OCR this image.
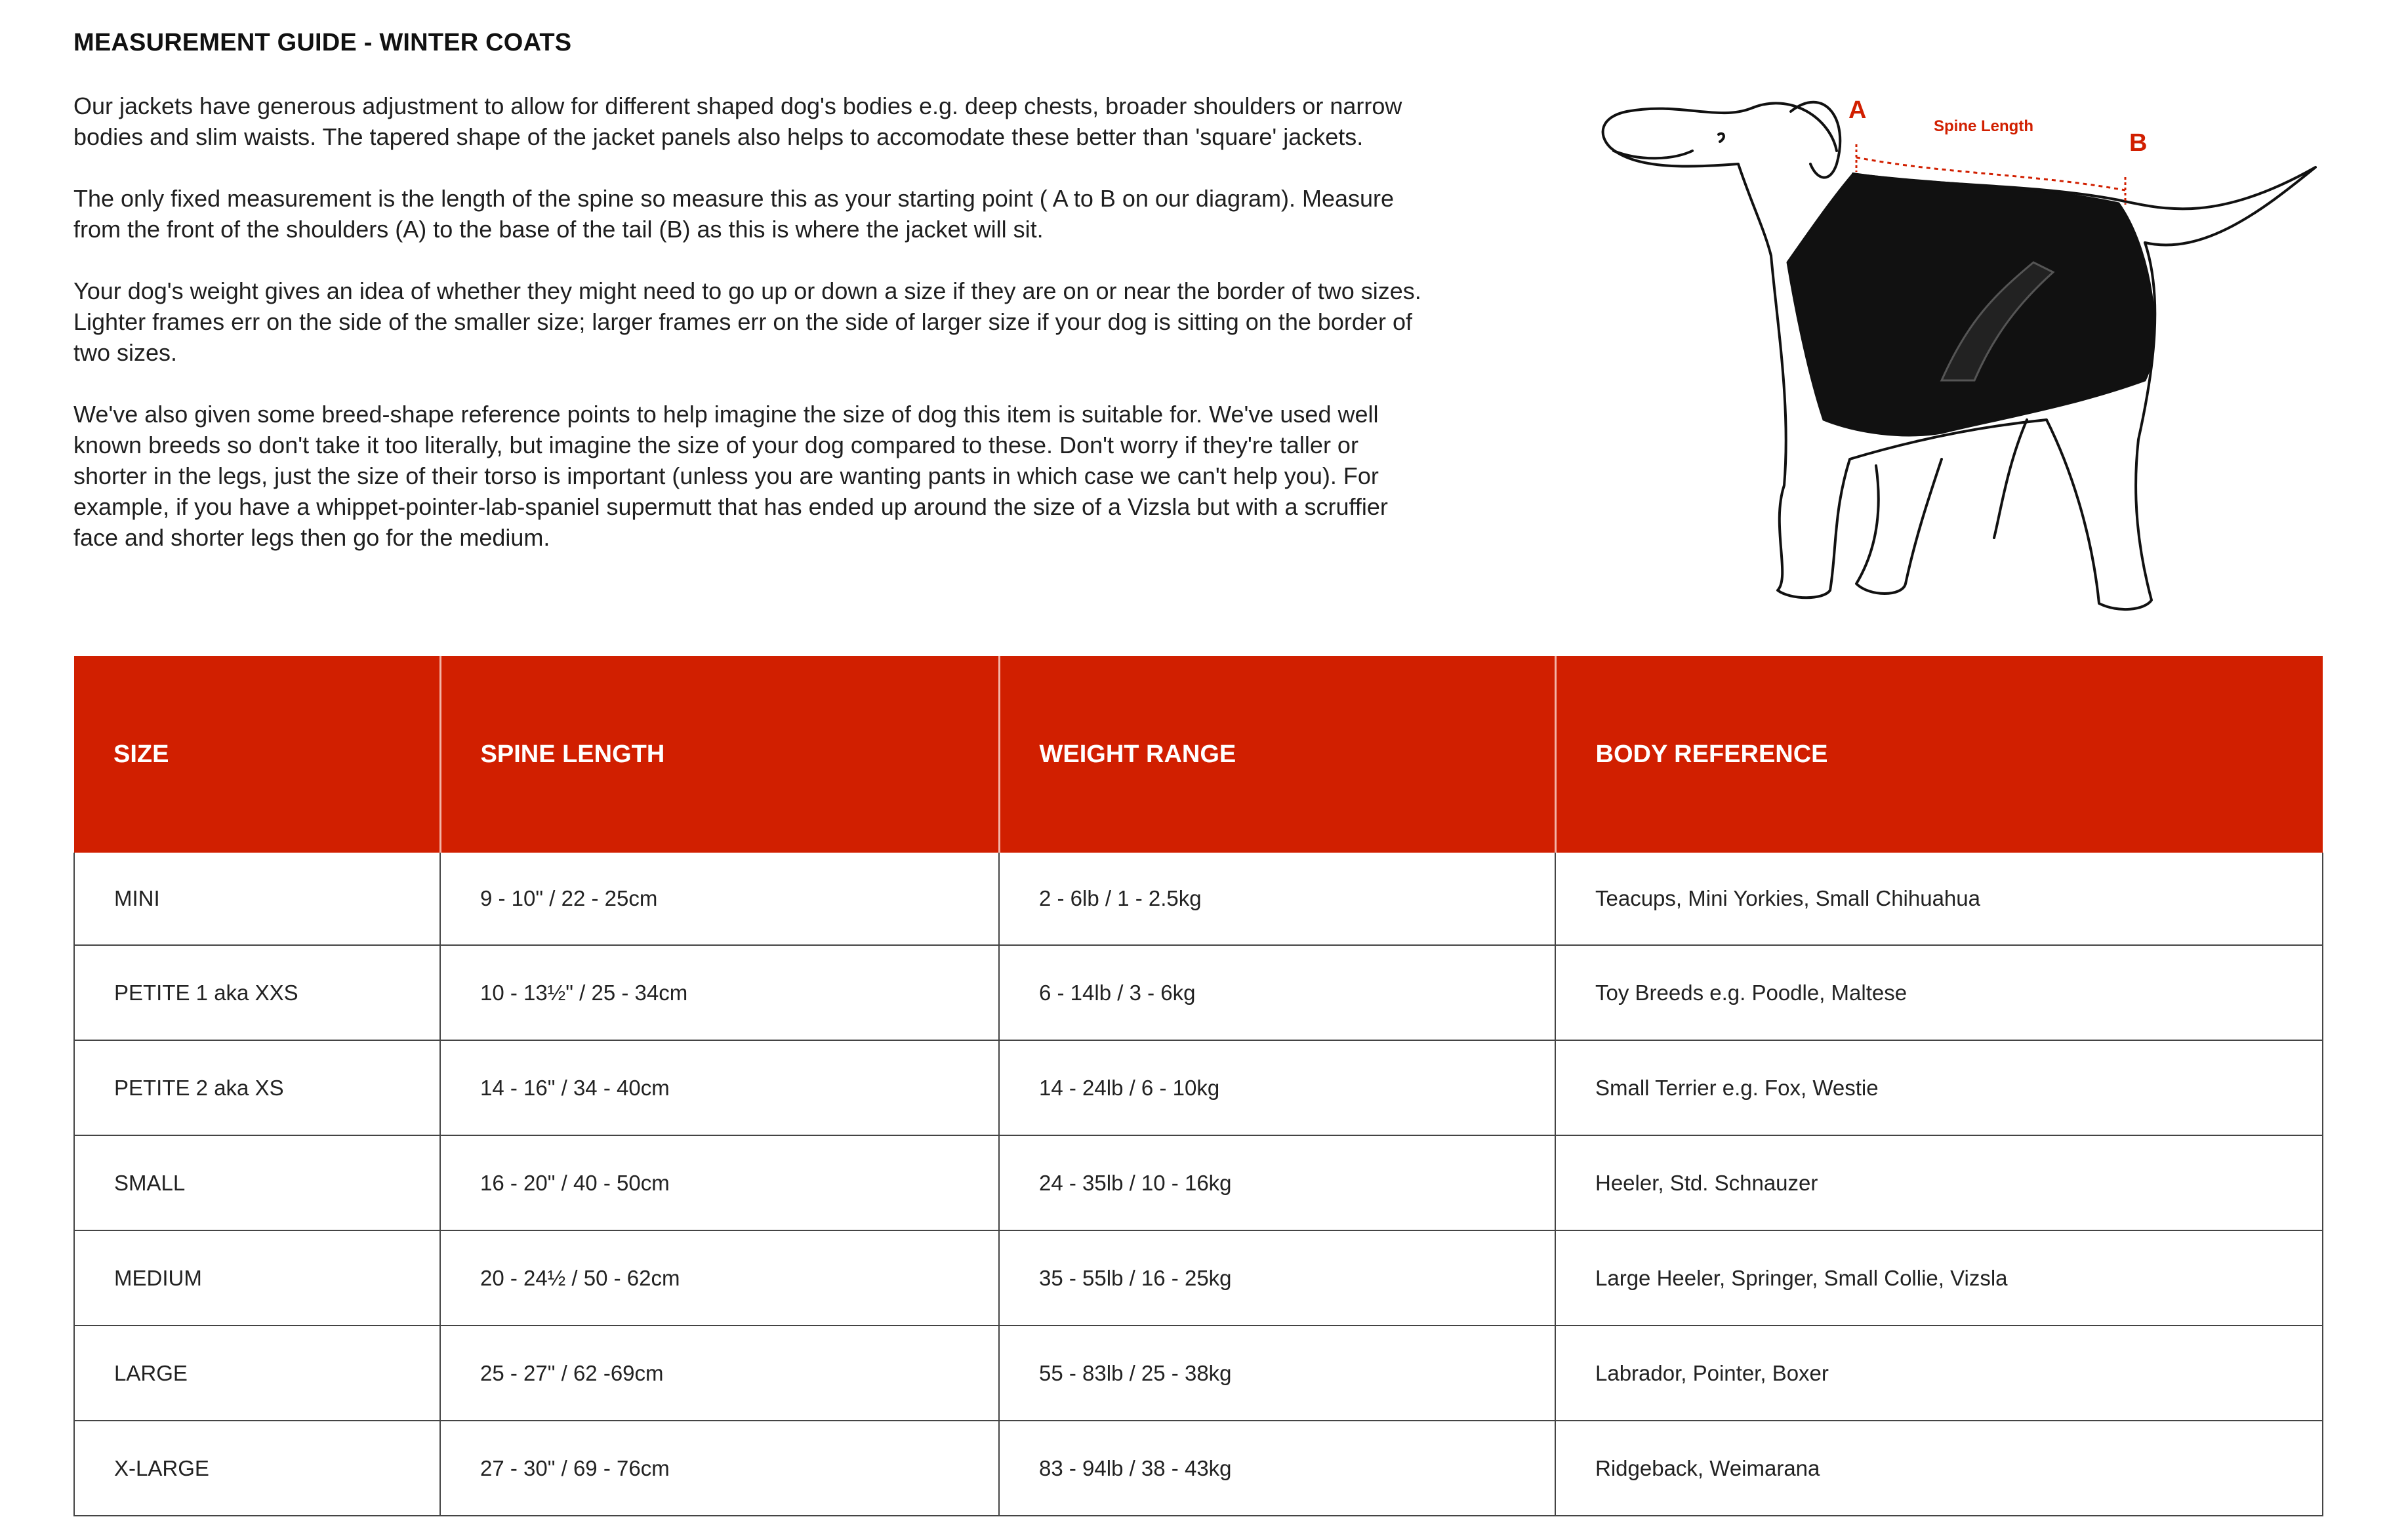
MEASUREMENT GUIDE - WINTER COATS

Our jackets have generous adjustment to allow for different shaped dog's bodies e.g. deep chests, broader shoulders or narrow bodies and slim waists. The tapered shape of the jacket panels also helps to accomodate these better than 'square' jackets.

The only fixed measurement is the length of the spine so measure this as your starting point ( A to B on our diagram). Measure from the front of the shoulders (A) to the base of the tail (B) as this is where the jacket will sit.

Your dog's weight gives an idea of whether they might need to go up or down a size if they are on or near the border of two sizes. Lighter frames err on the side of the smaller size; larger frames err on the side of larger size if your dog is sitting on the border of two sizes.

We've also given some breed-shape reference points to help imagine the size of dog this item is suitable for. We've used well known breeds so don't take it too literally, but imagine the size of your dog compared to these. Don't worry if they're taller or shorter in the legs, just the size of their torso is important (unless you are wanting pants in which case we can't help you). For example, if you have a whippet-pointer-lab-spaniel supermutt that has ended up around the size of a Vizsla but with a scruffier face and shorter legs then go for the medium.

A
B
Spine Length
SIZE	SPINE LENGTH	WEIGHT RANGE	BODY REFERENCE
MINI	9 - 10" / 22 - 25cm	2 - 6lb / 1 - 2.5kg	Teacups, Mini Yorkies, Small Chihuahua
PETITE 1 aka XXS	10 - 13½" / 25 - 34cm	6 - 14lb / 3 - 6kg	Toy Breeds e.g. Poodle, Maltese
PETITE 2 aka XS	14 - 16" / 34 - 40cm	14 - 24lb / 6 - 10kg	Small Terrier e.g. Fox, Westie
SMALL	16 - 20" / 40 - 50cm	24 - 35lb / 10 - 16kg	Heeler, Std. Schnauzer
MEDIUM	20 - 24½ / 50 - 62cm	35 - 55lb / 16 - 25kg	Large Heeler, Springer, Small Collie, Vizsla
LARGE	25 - 27" / 62 -69cm	55 - 83lb / 25 - 38kg	Labrador, Pointer, Boxer
X-LARGE	27 - 30" / 69 - 76cm	83 - 94lb / 38 - 43kg	Ridgeback, Weimarana
